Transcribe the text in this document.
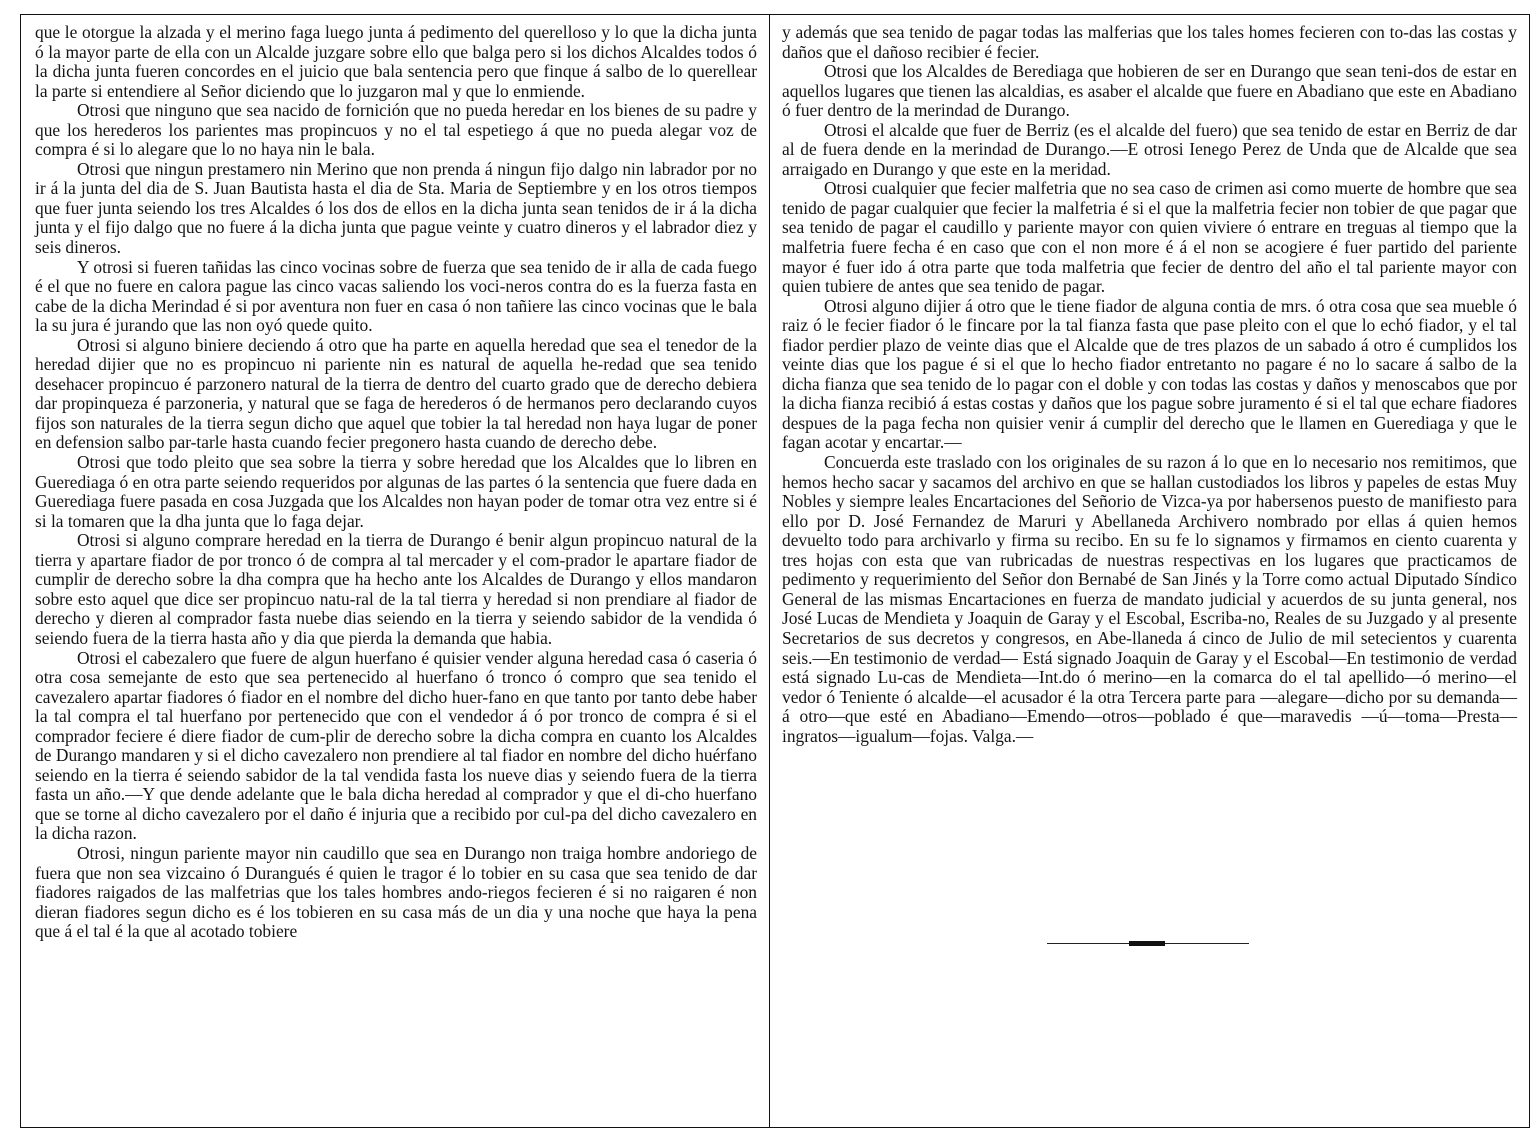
que le otorgue la alzada y el merino faga luego junta á pedimento del querelloso y lo que la dicha junta ó la mayor parte de ella con un Alcalde juzgare sobre ello que balga pero si los dichos Alcaldes todos ó la dicha junta fueren concordes en el juicio que bala sentencia pero que finque á salbo de lo querellear la parte si entendiere al Señor diciendo que lo juzgaron mal y que lo enmiende.

Otrosi que ninguno que sea nacido de fornición que no pueda heredar en los bienes de su padre y que los herederos los parientes mas propincuos y no el tal espetiego á que no pueda alegar voz de compra é si lo alegare que lo no haya nin le bala.

Otrosi que ningun prestamero nin Merino que non prenda á ningun fijo dalgo nin labrador por no ir á la junta del dia de S. Juan Bautista hasta el dia de Sta. Maria de Septiembre y en los otros tiempos que fuer junta seiendo los tres Alcaldes ó los dos de ellos en la dicha junta sean tenidos de ir á la dicha junta y el fijo dalgo que no fuere á la dicha junta que pague veinte y cuatro dineros y el labrador diez y seis dineros.

Y otrosi si fueren tañidas las cinco vocinas sobre de fuerza que sea tenido de ir alla de cada fuego é el que no fuere en calora pague las cinco vacas saliendo los voci-neros contra do es la fuerza fasta en cabe de la dicha Merindad é si por aventura non fuer en casa ó non tañiere las cinco vocinas que le bala la su jura é jurando que las non oyó quede quito.

Otrosi si alguno biniere deciendo á otro que ha parte en aquella heredad que sea el tenedor de la heredad dijier que no es propincuo ni pariente nin es natural de aquella he-redad que sea tenido desehacer propincuo é parzonero natural de la tierra de dentro del cuarto grado que de derecho debiera dar propinqueza é parzoneria, y natural que se faga de herederos ó de hermanos pero declarando cuyos fijos son naturales de la tierra segun dicho que aquel que tobier la tal heredad non haya lugar de poner en defension salbo par-tarle hasta cuando fecier pregonero hasta cuando de derecho debe.

Otrosi que todo pleito que sea sobre la tierra y sobre heredad que los Alcaldes que lo libren en Guerediaga ó en otra parte seiendo requeridos por algunas de las partes ó la sentencia que fuere dada en Guerediaga fuere pasada en cosa Juzgada que los Alcaldes non hayan poder de tomar otra vez entre si é si la tomaren que la dha junta que lo faga dejar.

Otrosi si alguno comprare heredad en la tierra de Durango é benir algun propincuo natural de la tierra y apartare fiador de por tronco ó de compra al tal mercader y el com-prador le apartare fiador de cumplir de derecho sobre la dha compra que ha hecho ante los Alcaldes de Durango y ellos mandaron sobre esto aquel que dice ser propincuo natu-ral de la tal tierra y heredad si non prendiare al fiador de derecho y dieren al comprador fasta nuebe dias seiendo en la tierra y seiendo sabidor de la vendida ó seiendo fuera de la tierra hasta año y dia que pierda la demanda que habia.

Otrosi el cabezalero que fuere de algun huerfano é quisier vender alguna heredad casa ó caseria ó otra cosa semejante de esto que sea pertenecido al huerfano ó tronco ó compro que sea tenido el cavezalero apartar fiadores ó fiador en el nombre del dicho huer-fano en que tanto por tanto debe haber la tal compra el tal huerfano por pertenecido que con el vendedor á ó por tronco de compra é si el comprador feciere é diere fiador de cum-plir de derecho sobre la dicha compra en cuanto los Alcaldes de Durango mandaren y si el dicho cavezalero non prendiere al tal fiador en nombre del dicho huérfano seiendo en la tierra é seiendo sabidor de la tal vendida fasta los nueve dias y seiendo fuera de la tierra fasta un año.—Y que dende adelante que le bala dicha heredad al comprador y que el di-cho huerfano que se torne al dicho cavezalero por el daño é injuria que a recibido por cul-pa del dicho cavezalero en la dicha razon.

Otrosi, ningun pariente mayor nin caudillo que sea en Durango non traiga hombre andoriego de fuera que non sea vizcaino ó Durangués é quien le tragor é lo tobier en su casa que sea tenido de dar fiadores raigados de las malfetrias que los tales hombres ando-riegos fecieren é si no raigaren é non dieran fiadores segun dicho es é los tobieren en su casa más de un dia y una noche que haya la pena que á el tal é la que al acotado tobiere

y además que sea tenido de pagar todas las malferias que los tales homes fecieren con to-das las costas y daños que el dañoso recibier é fecier.

Otrosi que los Alcaldes de Berediaga que hobieren de ser en Durango que sean teni-dos de estar en aquellos lugares que tienen las alcaldias, es asaber el alcalde que fuere en Abadiano que este en Abadiano ó fuer dentro de la merindad de Durango.

Otrosi el alcalde que fuer de Berriz (es el alcalde del fuero) que sea tenido de estar en Berriz de dar al de fuera dende en la merindad de Durango.—E otrosi Ienego Perez de Unda que de Alcalde que sea arraigado en Durango y que este en la meridad.

Otrosi cualquier que fecier malfetria que no sea caso de crimen asi como muerte de hombre que sea tenido de pagar cualquier que fecier la malfetria é si el que la malfetria fecier non tobier de que pagar que sea tenido de pagar el caudillo y pariente mayor con quien viviere ó entrare en treguas al tiempo que la malfetria fuere fecha é en caso que con el non more é á el non se acogiere é fuer partido del pariente mayor é fuer ido á otra parte que toda malfetria que fecier de dentro del año el tal pariente mayor con quien tubiere de antes que sea tenido de pagar.

Otrosi alguno dijier á otro que le tiene fiador de alguna contia de mrs. ó otra cosa que sea mueble ó raiz ó le fecier fiador ó le fincare por la tal fianza fasta que pase pleito con el que lo echó fiador, y el tal fiador perdier plazo de veinte dias que el Alcalde que de tres plazos de un sabado á otro é cumplidos los veinte dias que los pague é si el que lo hecho fiador entretanto no pagare é no lo sacare á salbo de la dicha fianza que sea tenido de lo pagar con el doble y con todas las costas y daños y menoscabos que por la dicha fianza recibió á estas costas y daños que los pague sobre juramento é si el tal que echare fiadores despues de la paga fecha non quisier venir á cumplir del derecho que le llamen en Guerediaga y que le fagan acotar y encartar.—

Concuerda este traslado con los originales de su razon á lo que en lo necesario nos remitimos, que hemos hecho sacar y sacamos del archivo en que se hallan custodiados los libros y papeles de estas Muy Nobles y siempre leales Encartaciones del Señorio de Vizca-ya por habersenos puesto de manifiesto para ello por D. José Fernandez de Maruri y Abellaneda Archivero nombrado por ellas á quien hemos devuelto todo para archivarlo y firma su recibo. En su fe lo signamos y firmamos en ciento cuarenta y tres hojas con esta que van rubricadas de nuestras respectivas en los lugares que practicamos de pedimento y requerimiento del Señor don Bernabé de San Jinés y la Torre como actual Diputado Síndico General de las mismas Encartaciones en fuerza de mandato judicial y acuerdos de su junta general, nos José Lucas de Mendieta y Joaquin de Garay y el Escobal, Escriba-no, Reales de su Juzgado y al presente Secretarios de sus decretos y congresos, en Abe-llaneda á cinco de Julio de mil setecientos y cuarenta seis.—En testimonio de verdad— Está signado Joaquin de Garay y el Escobal—En testimonio de verdad está signado Lu-cas de Mendieta—Int.do ó merino—en la comarca do el tal apellido—ó merino—el vedor ó Teniente ó alcalde—el acusador é la otra Tercera parte para —alegare—dicho por su demanda—á otro—que esté en Abadiano—Emendo—otros—poblado é que—maravedis —ú—toma—Presta—ingratos—igualum—fojas. Valga.—
